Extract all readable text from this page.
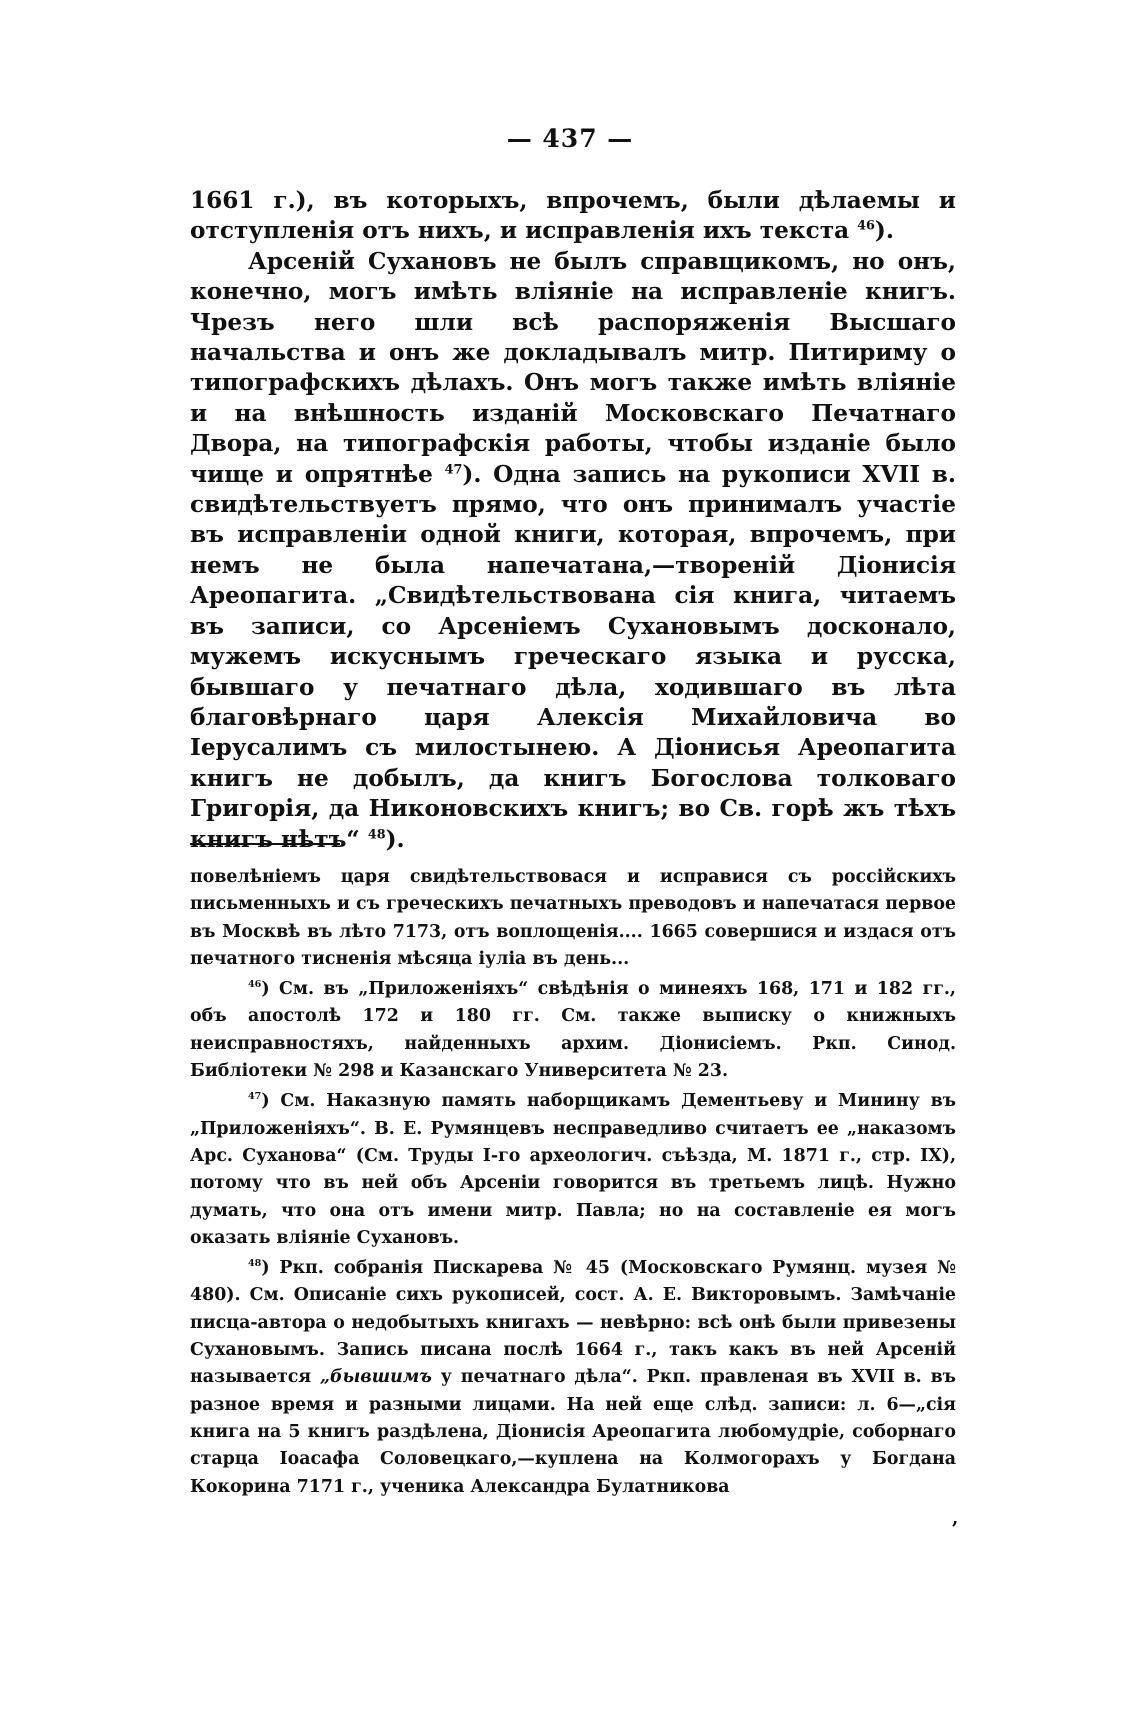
— 437 —

1661 г.), въ которыхъ, впрочемъ, были дѣлаемы и отступленія отъ нихъ, и исправленія ихъ текста $^{46}$).

Арсеній Сухановъ не былъ справщикомъ, но онъ, конечно, могъ имѣть вліяніе на исправленіе книгъ. Чрезъ него шли всѣ распоряженія Высшаго начальства и онъ же докладывалъ митр. Питириму о типографскихъ дѣлахъ. Онъ могъ также имѣть вліяніе и на внѣшность изданій Московскаго Печатнаго Двора, на типографскія работы, чтобы изданіе было чище и опрятнѣе $^{47}$). Одна запись на рукописи XVII в. свидѣтельствуетъ прямо, что онъ принималъ участіе въ исправленіи одной книги, которая, впрочемъ, при немъ не была напечатана,—твореній Діонисія Ареопагита. „Свидѣтельствована сія книга, читаемъ въ записи, со Арсеніемъ Сухановымъ досконало, мужемъ искуснымъ греческаго языка и русска, бывшаго у печатнаго дѣла, ходившаго въ лѣта благовѣрнаго царя Алексія Михайловича во Іерусалимъ съ милостынею. А Діонисья Ареопагита книгъ не добылъ, да книгъ Богослова толковаго Григорія, да Никоновскихъ книгъ; во Св. горѣ жъ тѣхъ книгъ нѣтъ“ $^{48}$).

повелѣніемъ царя свидѣтельствовася и исправися съ россійскихъ письменныхъ и съ греческихъ печатныхъ преводовъ и напечатася первое въ Москвѣ въ лѣто 7173, отъ воплощенія.... 1665 совершися и издася отъ печатного тисненія мѣсяца іуліа въ день...

$^{46}$) См. въ „Приложеніяхъ“ свѣдѣнія о минеяхъ 168, 171 и 182 гг., объ апостолѣ 172 и 180 гг. См. также выписку о книжныхъ неисправностяхъ, найденныхъ архим. Діонисіемъ. Ркп. Синод. Библіотеки № 298 и Казанскаго Университета № 23.

$^{47}$) См. Наказную память наборщикамъ Дементьеву и Минину въ „Приложеніяхъ“. В. Е. Румянцевъ несправедливо считаетъ ее „наказомъ Арс. Суханова“ (См. Труды I-го археологич. съѣзда, М. 1871 г., стр. IX), потому что въ ней объ Арсеніи говорится въ третьемъ лицѣ. Нужно думать, что она отъ имени митр. Павла; но на составленіе ея могъ оказать вліяніе Сухановъ.

$^{48}$) Ркп. собранія Пискарева № 45 (Московскаго Румянц. музея № 480). См. Описаніе сихъ рукописей, сост. А. Е. Викторовымъ. Замѣчаніе писца-автора о недобытыхъ книгахъ — невѣрно: всѣ онѣ были привезены Сухановымъ. Запись писана послѣ 1664 г., такъ какъ въ ней Арсеній называется „бывшимъ у печатнаго дѣла“. Ркп. правленая въ XVII в. въ разное время и разными лицами. На ней еще слѣд. записи: л. 6—„сія книга на 5 книгъ раздѣлена, Діонисія Ареопагита любомудріе, соборнаго старца Іоасафа Соловецкаго,—куплена на Колмогорахъ у Богдана Кокорина 7171 г., ученика Александра Булатникова

,
